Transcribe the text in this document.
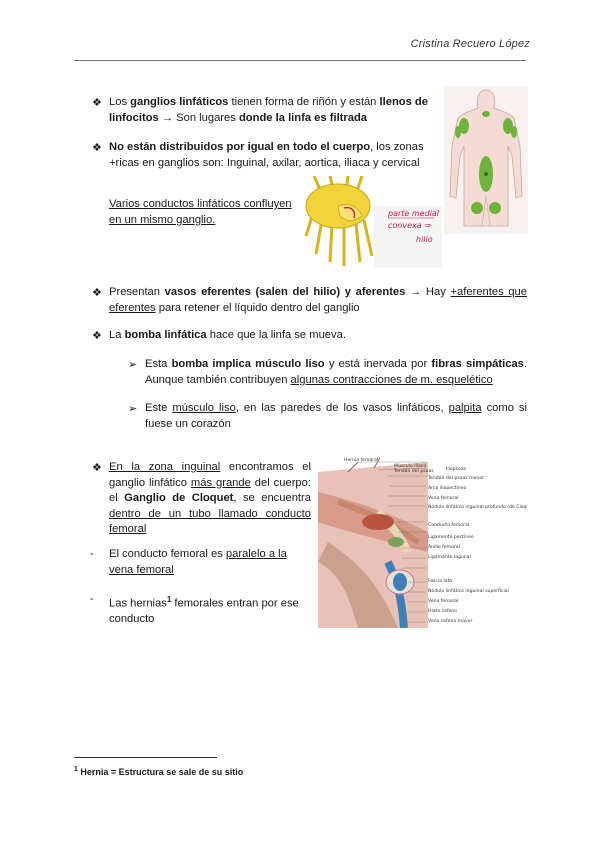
Cristina Recuero López
❖ Los ganglios linfáticos tienen forma de riñón y están llenos de linfocitos → Son lugares donde la linfa es filtrada
❖ No están distribuidos por igual en todo el cuerpo, los zonas +ricas en ganglios son: Inguinal, axilar, aortica, iliaca y cervical
Varios conductos linfáticos confluyen en un mismo ganglio.	parte medial
convexa ⇒
hilio
❖ Presentan vasos eferentes (salen del hilio) y aferentes → Hay +aferentes que eferentes para retener el líquido dentro del ganglio
❖ La bomba linfática hace que la linfa se mueva.
➢ Esta bomba implica músculo liso y está inervada por fibras simpáticas. Aunque también contribuyen algunas contracciones de m. esquelético
➢ Este músculo liso, en las paredes de los vasos linfáticos, palpita como si fuese un corazón
❖ En la zona inguinal encontramos el ganglio linfático más grande del cuerpo: el Ganglio de Cloquet, se encuentra dentro de un tubo llamado conducto femoral
- El conducto femoral es paralelo a la vena femoral
- Las hernias$^1$ femorales entran por ese conducto
Hernia femoral
Músculo ilíaco
Tendón del psoas	Iliopsoas
Tendón del psoas menor
Arco iliopectíneo
Vena femoral
Nódulo linfático inguinal profundo (de Cloquet)
Conducto femoral
Ligamento pectíneo
Anillo femoral
Ligamento lagunar
Fascia lata
Nódulo linfático inguinal superficial
Vena femoral
Hiato safeno
Vena safena mayor
$^1$ Hernia = Estructura se sale de su sitio
